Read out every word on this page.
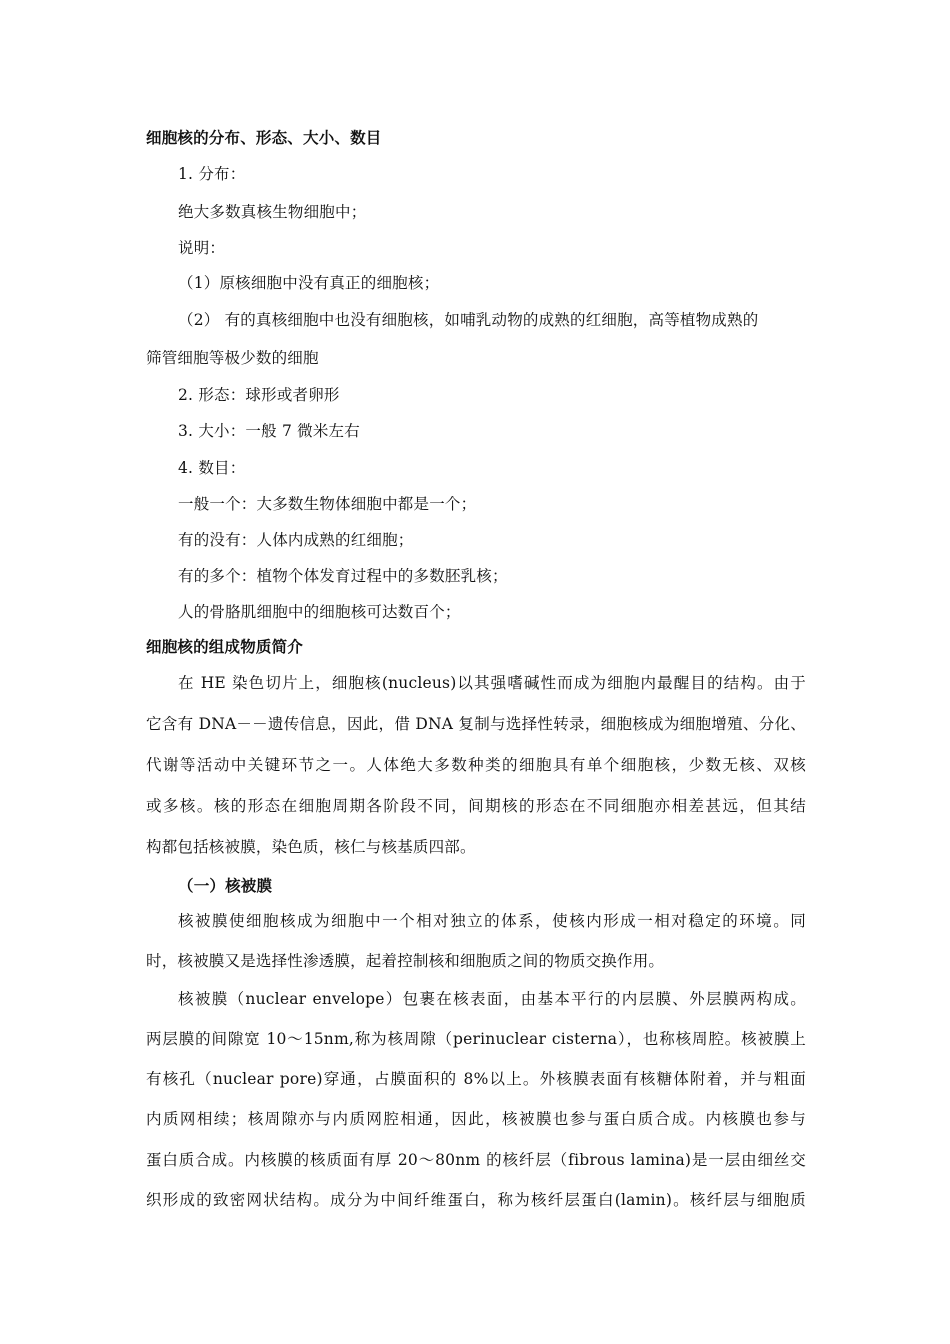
细胞核的分布、形态、大小、数目
1. 分布：
绝大多数真核生物细胞中；
说明：
（1）原核细胞中没有真正的细胞核；
（2） 有的真核细胞中也没有细胞核，如哺乳动物的成熟的红细胞，高等植物成熟的
筛管细胞等极少数的细胞
2. 形态：球形或者卵形
3. 大小：一般 7 微米左右
4. 数目：
一般一个：大多数生物体细胞中都是一个；
有的没有：人体内成熟的红细胞；
有的多个：植物个体发育过程中的多数胚乳核；
人的骨胳肌细胞中的细胞核可达数百个；
细胞核的组成物质简介
在 HE 染色切片上，细胞核(nucleus)以其强嗜碱性而成为细胞内最醒目的结构。由于
它含有 DNA－－遗传信息，因此，借 DNA 复制与选择性转录，细胞核成为细胞增殖、分化、
代谢等活动中关键环节之一。人体绝大多数种类的细胞具有单个细胞核，少数无核、双核
或多核。核的形态在细胞周期各阶段不同，间期核的形态在不同细胞亦相差甚远，但其结
构都包括核被膜，染色质，核仁与核基质四部。
（一）核被膜
核被膜使细胞核成为细胞中一个相对独立的体系，使核内形成一相对稳定的环境。同
时，核被膜又是选择性渗透膜，起着控制核和细胞质之间的物质交换作用。
核被膜（nuclear envelope）包裹在核表面，由基本平行的内层膜、外层膜两构成。
两层膜的间隙宽 10～15nm,称为核周隙（perinuclear cisterna），也称核周腔。核被膜上
有核孔（nuclear pore)穿通，占膜面积的 8%以上。外核膜表面有核糖体附着，并与粗面
内质网相续；核周隙亦与内质网腔相通，因此，核被膜也参与蛋白质合成。内核膜也参与
蛋白质合成。内核膜的核质面有厚 20～80nm 的核纤层（fibrous lamina)是一层由细丝交
织形成的致密网状结构。成分为中间纤维蛋白，称为核纤层蛋白(lamin)。核纤层与细胞质
